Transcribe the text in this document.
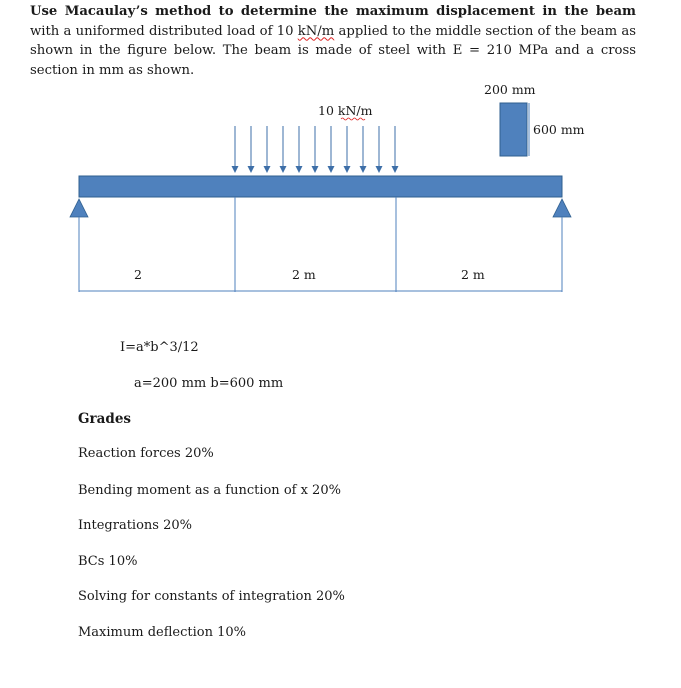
Use Macaulay’s method to determine the maximum displacement in the beam with a uniformed distributed load of 10 kN/m applied to the middle section of the beam as shown in the figure below. The beam is made of steel with E = 210 MPa and a cross section in mm as shown.

10 kN/m
2	2 m	2 m
200 mm
600 mm

I=a*b^3/12

a=200 mm b=600 mm

Grades

Reaction forces 20%

Bending moment as a function of x 20%

Integrations 20%

BCs 10%

Solving for constants of integration 20%

Maximum deflection 10%
